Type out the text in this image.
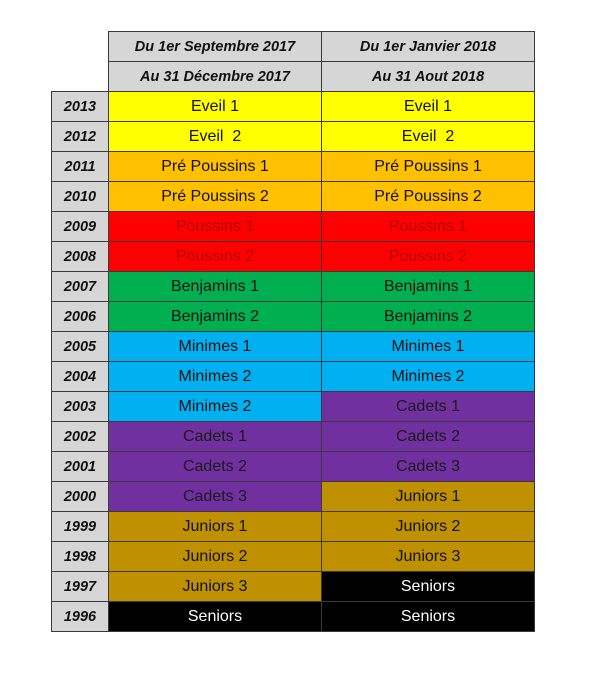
	Du 1er Septembre 2017	Du 1er Janvier 2018
	Au 31 Décembre 2017	Au 31 Aout 2018
2013	Eveil 1	Eveil 1
2012	Eveil  2	Eveil  2
2011	Pré Poussins 1	Pré Poussins 1
2010	Pré Poussins 2	Pré Poussins 2
2009	Poussins 1	Poussins 1
2008	Poussins 2	Poussins 2
2007	Benjamins 1	Benjamins 1
2006	Benjamins 2	Benjamins 2
2005	Minimes 1	Minimes 1
2004	Minimes 2	Minimes 2
2003	Minimes 2	Cadets 1
2002	Cadets 1	Cadets 2
2001	Cadets 2	Cadets 3
2000	Cadets 3	Juniors 1
1999	Juniors 1	Juniors 2
1998	Juniors 2	Juniors 3
1997	Juniors 3	Seniors
1996	Seniors	Seniors
